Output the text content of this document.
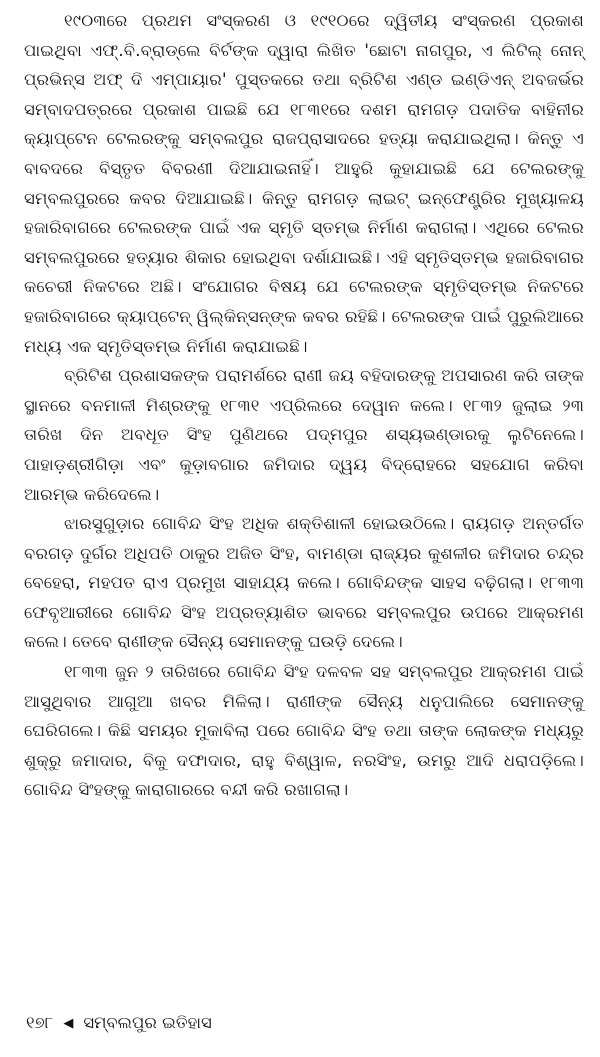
୧୯୦୩ରେ ପ୍ରଥମ ସଂସ୍କରଣ ଓ ୧୯୧୦ରେ ଦ୍ୱିତୀୟ ସଂସ୍କରଣ ପ୍ରକାଶ ପାଇଥିବା ଏଫ୍.ବି.ବ୍ରାଡ୍‌ଲେ ବିର୍ଟଙ୍କ ଦ୍ୱାରା ଲିଖିତ 'ଛୋଟା ନାଗପୁର, ଏ ଲିଟିଲ୍ ନୋନ୍ ପ୍ରଭିନ୍ସ ଅଫ୍ ଦି ଏମ୍ପାୟାର' ପୁସ୍ତକରେ ତଥା ବ୍ରିଟିଶ ଏଣ୍ଡ ଇଣ୍ଡିଏନ୍ ଅବଜର୍ଭର ସମ୍ବାଦପତ୍ରରେ ପ୍ରକାଶ ପାଇଛି ଯେ ୧୮୩୧ରେ ଦଶମ ରାମଗଡ଼ ପଦାତିକ ବାହିନୀର କ୍ୟାପ୍‌ଟେନ ଟେଲରଙ୍କୁ ସମ୍ବଲପୁର ରାଜପ୍ରାସାଦରେ ହତ୍ୟା କରାଯାଇଥିଲା। କିନ୍ତୁ ଏ ବାବଦରେ ବିସ୍ତୃତ ବିବରଣୀ ଦିଆଯାଇନାହିଁ। ଆହୁରି କୁହାଯାଇଛି ଯେ ଟେଲରଙ୍କୁ ସମ୍ବଲପୁରରେ କବର ଦିଆଯାଇଛି। କିନ୍ତୁ ରାମଗଡ଼ ଲାଇଟ୍ ଇନ୍‌ଫେଣ୍ଟ୍ରିର ମୁଖ୍ୟାଳୟ ହଜାରିବାଗରେ ଟେଲରଙ୍କ ପାଇଁ ଏକ ସ୍ମୃତି ସ୍ତମ୍ଭ ନିର୍ମାଣ କରାଗଲା। ଏଥିରେ ଟେଲର ସମ୍ବଲପୁରରେ ହତ୍ୟାର ଶିକାର ହୋଇଥିବା ଦର୍ଶାଯାଇଛି। ଏହି ସ୍ମୃତିସ୍ତମ୍ଭ ହଜାରିବାଗର କଚେରୀ ନିକଟରେ ଅଛି। ସଂଯୋଗର ବିଷୟ ଯେ ଟେଲରଙ୍କ ସ୍ମୃତିସ୍ତମ୍ଭ ନିକଟରେ ହଜାରିବାଗରେ କ୍ୟାପ୍‌ଟେନ୍ ୱିଲ୍‌କିନ୍‌ସନ୍‌ଙ୍କ କବର ରହିଛି। ଟେଲରଙ୍କ ପାଇଁ ପୁରୁଲିଆରେ ମଧ୍ୟ ଏକ ସ୍ମୃତିସ୍ତମ୍ଭ ନିର୍ମାଣ କରାଯାଇଛି।

ବ୍ରିଟିଶ ପ୍ରଶାସକଙ୍କ ପରାମର୍ଶରେ ରାଣୀ ଜୟ ବହିଦାରଙ୍କୁ ଅପସାରଣ କରି ତାଙ୍କ ସ୍ଥାନରେ ବନମାଳୀ ମିଶ୍ରଙ୍କୁ ୧୮୩୧ ଏପ୍ରିଲରେ ଦେୱାନ କଲେ। ୧୮୩୨ ଜୁଲାଇ ୨୩ ତାରିଖ ଦିନ ଅବଧୂତ ସିଂହ ପୁଣିଥରେ ପଦ୍ମପୁର ଶସ୍ୟଭଣ୍ଡାରକୁ ଲୁଟିନେଲେ। ପାହାଡ଼ଶ୍ରୀଗିଡ଼ା ଏବଂ କୁଡ଼ାବଗାର ଜମିଦାର ଦ୍ୱୟ ବିଦ୍ରୋହରେ ସହଯୋଗ କରିବା ଆରମ୍ଭ କରିଦେଲେ।

ଝାରସୁଗୁଡ଼ାର ଗୋବିନ୍ଦ ସିଂହ ଅଧିକ ଶକ୍ତିଶାଳୀ ହୋଇଉଠିଲେ। ରାୟଗଡ଼ ଅନ୍ତର୍ଗତ ବରଗଡ଼ ଦୁର୍ଗର ଅଧିପତି ଠାକୁର ଅଜିତ ସିଂହ, ବାମଣ୍ଡା ରାଜ୍ୟର କୁଶଳୀର ଜମିଦାର ଚନ୍ଦ୍ର ବେହେରା, ମହପତ ରାଏ ପ୍ରମୁଖ ସାହାଯ୍ୟ କଲେ। ଗୋବିନ୍ଦଙ୍କ ସାହସ ବଢ଼ିଗଲା। ୧୮୩୩ ଫେବୃଆରୀରେ ଗୋବିନ୍ଦ ସିଂହ ଅପ୍ରତ୍ୟାଶିତ ଭାବରେ ସମ୍ବଲପୁର ଉପରେ ଆକ୍ରମଣ କଲେ। ତେବେ ରାଣୀଙ୍କ ସୈନ୍ୟ ସେମାନଙ୍କୁ ଘଉଡ଼ି ଦେଲେ।

୧୮୩୩ ଜୁନ ୨ ତାରିଖରେ ଗୋବିନ୍ଦ ସିଂହ ଦଳବଳ ସହ ସମ୍ବଲପୁର ଆକ୍ରମଣ ପାଇଁ ଆସୁଥିବାର ଆଗୁଆ ଖବର ମିଳିଲା। ରାଣୀଙ୍କ ସୈନ୍ୟ ଧନୁପାଲିରେ ସେମାନଙ୍କୁ ଘେରିଗଲେ। କିଛି ସମୟର ମୁକାବିଲା ପରେ ଗୋବିନ୍ଦ ସିଂହ ତଥା ତାଙ୍କ ଲୋକଙ୍କ ମଧ୍ୟରୁ ଶୁକ୍ରୁ ଜମାଦାର, ବିକୁ ଦଫାଦାର, ରାହୁ ବିଶ୍ୱାଳ, ନରସିଂହ, ଉମରୁ ଆଦି ଧରାପଡ଼ିଲେ। ଗୋବିନ୍ଦ ସିଂହଙ୍କୁ କାରାଗାରରେ ବନ୍ଦୀ କରି ରଖାଗଲା।

୧୭୮ ◀ ସମ୍ବଲପୁର ଇତିହାସ
